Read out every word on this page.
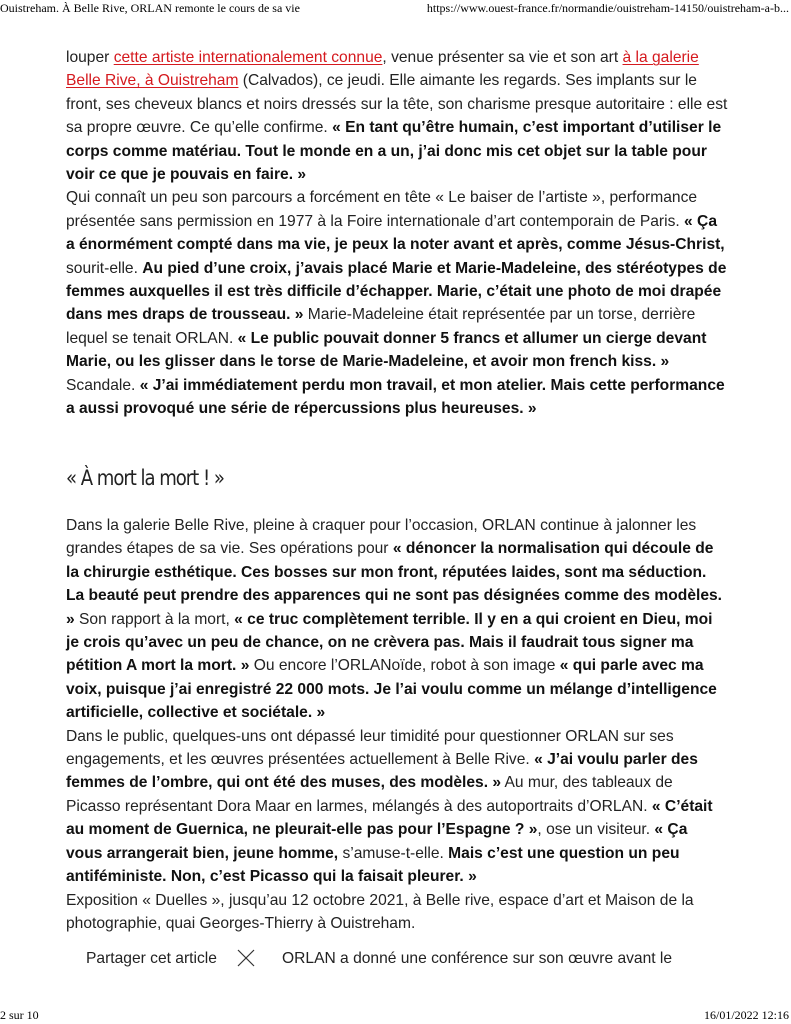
Ouistreham. À Belle Rive, ORLAN remonte le cours de sa vie	https://www.ouest-france.fr/normandie/ouistreham-14150/ouistreham-a-b...

louper cette artiste internationalement connue, venue présenter sa vie et son art à la galerie Belle Rive, à Ouistreham (Calvados), ce jeudi. Elle aimante les regards. Ses implants sur le front, ses cheveux blancs et noirs dressés sur la tête, son charisme presque autoritaire : elle est sa propre œuvre. Ce qu’elle confirme. « En tant qu’être humain, c’est important d’utiliser le corps comme matériau. Tout le monde en a un, j’ai donc mis cet objet sur la table pour voir ce que je pouvais en faire. »

Qui connaît un peu son parcours a forcément en tête « Le baiser de l’artiste », performance présentée sans permission en 1977 à la Foire internationale d’art contemporain de Paris. « Ça a énormément compté dans ma vie, je peux la noter avant et après, comme Jésus-Christ, sourit-elle. Au pied d’une croix, j’avais placé Marie et Marie-Madeleine, des stéréotypes de femmes auxquelles il est très difficile d’échapper. Marie, c’était une photo de moi drapée dans mes draps de trousseau. » Marie-Madeleine était représentée par un torse, derrière lequel se tenait ORLAN. « Le public pouvait donner 5 francs et allumer un cierge devant Marie, ou les glisser dans le torse de Marie-Madeleine, et avoir mon french kiss. » Scandale. « J’ai immédiatement perdu mon travail, et mon atelier. Mais cette performance a aussi provoqué une série de répercussions plus heureuses. »

« À mort la mort ! »

Dans la galerie Belle Rive, pleine à craquer pour l’occasion, ORLAN continue à jalonner les grandes étapes de sa vie. Ses opérations pour « dénoncer la normalisation qui découle de la chirurgie esthétique. Ces bosses sur mon front, réputées laides, sont ma séduction. La beauté peut prendre des apparences qui ne sont pas désignées comme des modèles. » Son rapport à la mort, « ce truc complètement terrible. Il y en a qui croient en Dieu, moi je crois qu’avec un peu de chance, on ne crèvera pas. Mais il faudrait tous signer ma pétition A mort la mort. » Ou encore l’ORLANoïde, robot à son image « qui parle avec ma voix, puisque j’ai enregistré 22 000 mots. Je l’ai voulu comme un mélange d’intelligence artificielle, collective et sociétale. »

Dans le public, quelques-uns ont dépassé leur timidité pour questionner ORLAN sur ses engagements, et les œuvres présentées actuellement à Belle Rive. « J’ai voulu parler des femmes de l’ombre, qui ont été des muses, des modèles. » Au mur, des tableaux de Picasso représentant Dora Maar en larmes, mélangés à des autoportraits d’ORLAN. « C’était au moment de Guernica, ne pleurait-elle pas pour l’Espagne ? », ose un visiteur. « Ça vous arrangerait bien, jeune homme, s’amuse-t-elle. Mais c’est une question un peu antiféministe. Non, c’est Picasso qui la faisait pleurer. »

Exposition « Duelles », jusqu’au 12 octobre 2021, à Belle rive, espace d’art et Maison de la photographie, quai Georges-Thierry à Ouistreham.

Partager cet article	ORLAN a donné une conférence sur son œuvre avant le
2 sur 10	16/01/2022 12:16
